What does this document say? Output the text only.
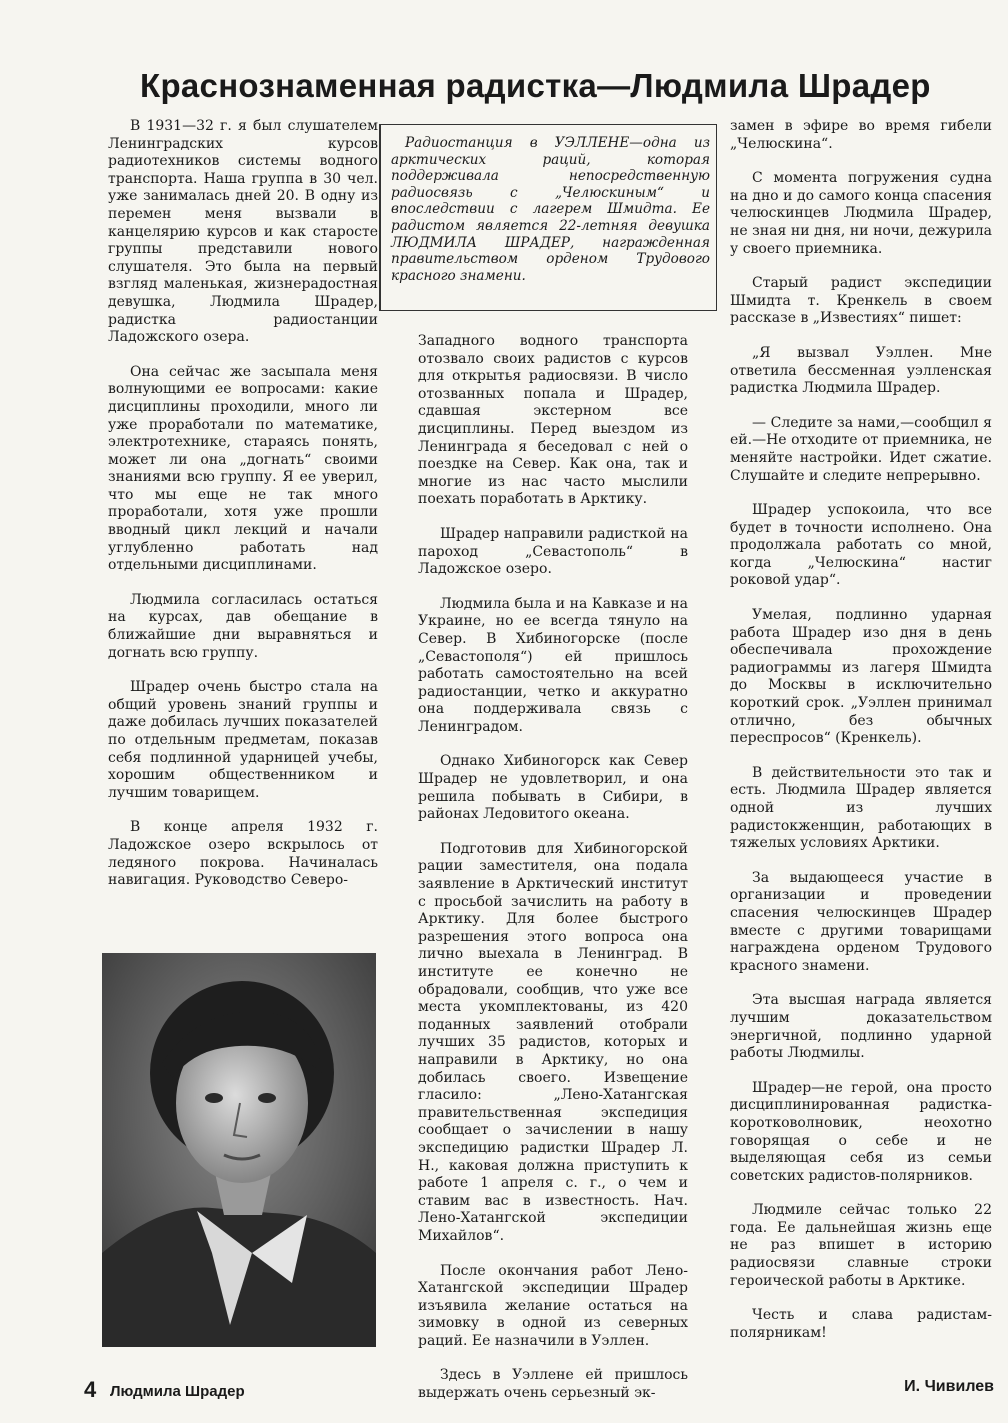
Краснознаменная радистка—Людмила Шрадер

Радиостанция в УЭЛЛЕНЕ—одна из арктических раций, которая поддерживала непосредственную радиосвязь с „Челюскиным“ и впоследствии с лагерем Шмидта. Ее радистом является 22-летняя девушка ЛЮДМИЛА ШРАДЕР, награжденная правительством орденом Трудового красного знамени.

В 1931—32 г. я был слушателем Ленинградских курсов радиотехников системы водного транспорта. Наша группа в 30 чел. уже занималась дней 20. В одну из перемен меня вызвали в канцелярию курсов и как старосте группы представили нового слушателя. Это была на первый взгляд маленькая, жизнерадостная девушка, Людмила Шрадер, радистка радиостанции Ладожского озера.

Она сейчас же засыпала меня волнующими ее вопросами: какие дисциплины проходили, много ли уже проработали по математике, электротехнике, стараясь понять, может ли она „догнать“ своими знаниями всю группу. Я ее уверил, что мы еще не так много проработали, хотя уже прошли вводный цикл лекций и начали углубленно работать над отдельными дисциплинами.

Людмила согласилась остаться на курсах, дав обещание в ближайшие дни выравняться и догнать всю группу.

Шрадер очень быстро стала на общий уровень знаний группы и даже добилась лучших показателей по отдельным предметам, показав себя подлинной ударницей учебы, хорошим общественником и лучшим товарищем.

В конце апреля 1932 г. Ладожское озеро вскрылось от ледяного покрова. Начиналась навигация. Руководство Северо-

Западного водного транспорта отозвало своих радистов с курсов для открытья радиосвязи. В число отозванных попала и Шрадер, сдавшая экстерном все дисциплины. Перед выездом из Ленинграда я беседовал с ней о поездке на Север. Как она, так и многие из нас часто мыслили поехать поработать в Арктику.

Шрадер направили радисткой на пароход „Севастополь“ в Ладожское озеро.

Людмила была и на Кавказе и на Украине, но ее всегда тянуло на Север. В Хибиногорске (после „Севастополя“) ей пришлось работать самостоятельно на всей радиостанции, четко и аккуратно она поддерживала связь с Ленинградом.

Однако Хибиногорск как Север Шрадер не удовлетворил, и она решила побывать в Сибири, в районах Ледовитого океана.

Подготовив для Хибиногорской рации заместителя, она подала заявление в Арктический институт с просьбой зачислить на работу в Арктику. Для более быстрого разрешения этого вопроса она лично выехала в Ленинград. В институте ее конечно не обрадовали, сообщив, что уже все места укомплектованы, из 420 поданных заявлений отобрали лучших 35 радистов, которых и направили в Арктику, но она добилась своего. Извещение гласило: „Лено-Хатангская правительственная экспедиция сообщает о зачислении в нашу экспедицию радистки Шрадер Л. Н., каковая должна приступить к работе 1 апреля с. г., о чем и ставим вас в известность. Нач. Лено-Хатангской экспедиции Михайлов“.

После окончания работ Лено-Хатангской экспедиции Шрадер изъявила желание остаться на зимовку в одной из северных раций. Ее назначили в Уэллен.

Здесь в Уэллене ей пришлось выдержать очень серьезный эк-

замен в эфире во время гибели „Челюскина“.

С момента погружения судна на дно и до самого конца спасения челюскинцев Людмила Шрадер, не зная ни дня, ни ночи, дежурила у своего приемника.

Старый радист экспедиции Шмидта т. Кренкель в своем рассказе в „Известиях“ пишет:

„Я вызвал Уэллен. Мне ответила бессменная уэлленская радистка Людмила Шрадер.

— Следите за нами,—сообщил я ей.—Не отходите от приемника, не меняйте настройки. Идет сжатие. Слушайте и следите непрерывно.

Шрадер успокоила, что все будет в точности исполнено. Она продолжала работать со мной, когда „Челюскина“ настиг роковой удар“.

Умелая, подлинно ударная работа Шрадер изо дня в день обеспечивала прохождение радиограммы из лагеря Шмидта до Москвы в исключительно короткий срок. „Уэллен принимал отлично, без обычных переспросов“ (Кренкель).

В действительности это так и есть. Людмила Шрадер является одной из лучших радистокженщин, работающих в тяжелых условиях Арктики.

За выдающееся участие в организации и проведении спасения челюскинцев Шрадер вместе с другими товарищами награждена орденом Трудового красного знамени.

Эта высшая награда является лучшим доказательством энергичной, подлинно ударной работы Людмилы.

Шрадер—не герой, она просто дисциплинированная радистка-коротковолновик, неохотно говорящая о себе и не выделяющая себя из семьи советских радистов-полярников.

Людмиле сейчас только 22 года. Ее дальнейшая жизнь еще не раз впишет в историю радиосвязи славные строки героической работы в Арктике.

Честь и слава радистам-полярникам!

4 Людмила Шрадер	И. Чивилев
